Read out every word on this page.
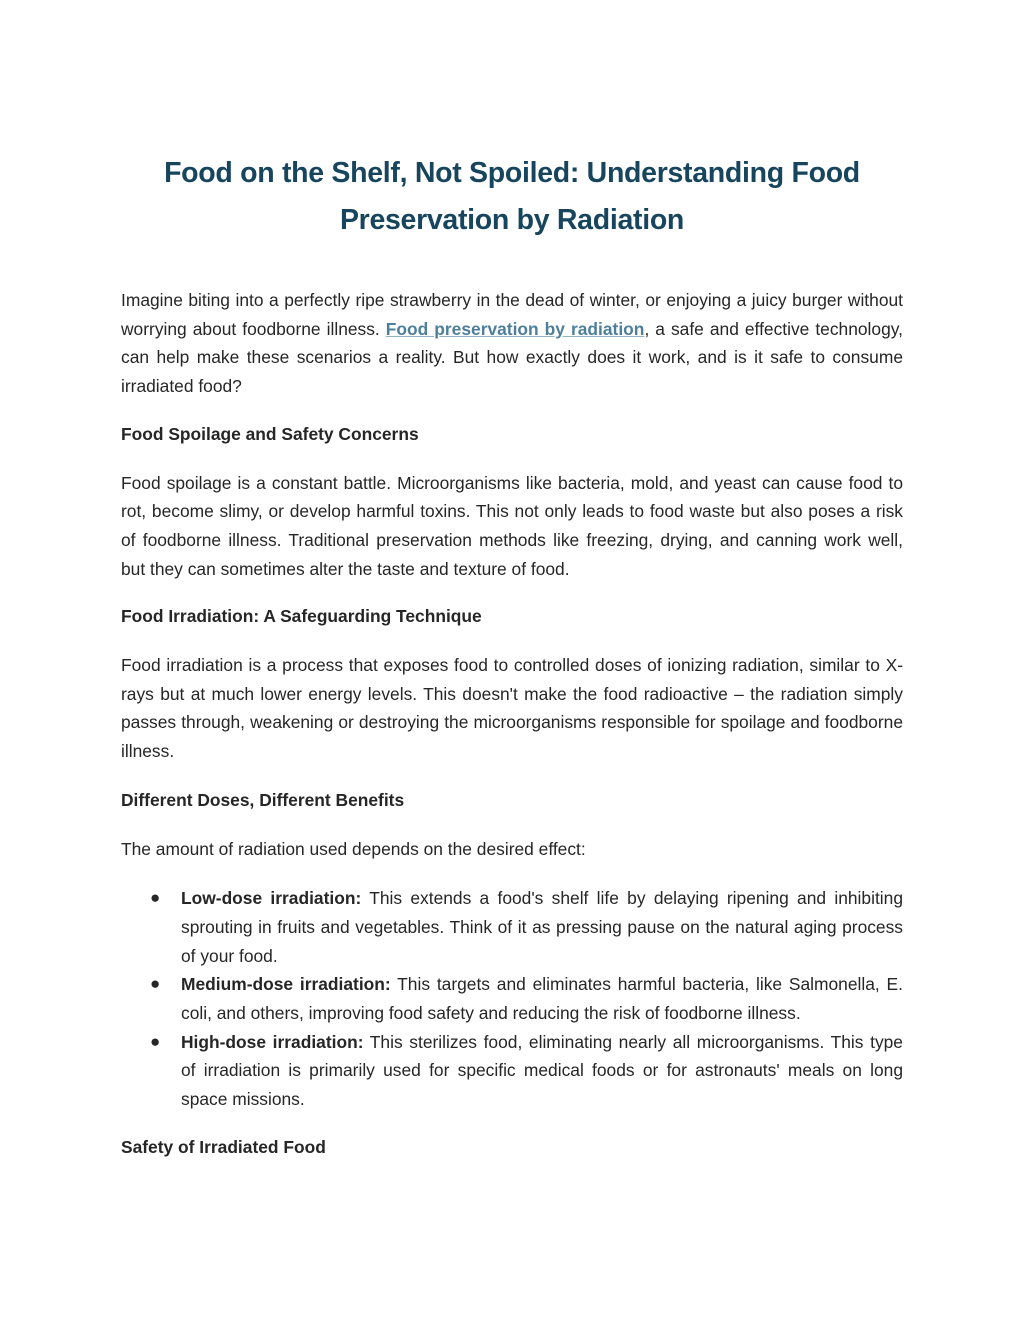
Food on the Shelf, Not Spoiled: Understanding Food Preservation by Radiation

Imagine biting into a perfectly ripe strawberry in the dead of winter, or enjoying a juicy burger without worrying about foodborne illness. Food preservation by radiation, a safe and effective technology, can help make these scenarios a reality. But how exactly does it work, and is it safe to consume irradiated food?

Food Spoilage and Safety Concerns

Food spoilage is a constant battle. Microorganisms like bacteria, mold, and yeast can cause food to rot, become slimy, or develop harmful toxins. This not only leads to food waste but also poses a risk of foodborne illness. Traditional preservation methods like freezing, drying, and canning work well, but they can sometimes alter the taste and texture of food.

Food Irradiation: A Safeguarding Technique

Food irradiation is a process that exposes food to controlled doses of ionizing radiation, similar to X-rays but at much lower energy levels. This doesn't make the food radioactive – the radiation simply passes through, weakening or destroying the microorganisms responsible for spoilage and foodborne illness.

Different Doses, Different Benefits

The amount of radiation used depends on the desired effect:

● Low-dose irradiation: This extends a food's shelf life by delaying ripening and inhibiting sprouting in fruits and vegetables. Think of it as pressing pause on the natural aging process of your food.
● Medium-dose irradiation: This targets and eliminates harmful bacteria, like Salmonella, E. coli, and others, improving food safety and reducing the risk of foodborne illness.
● High-dose irradiation: This sterilizes food, eliminating nearly all microorganisms. This type of irradiation is primarily used for specific medical foods or for astronauts' meals on long space missions.
Safety of Irradiated Food
